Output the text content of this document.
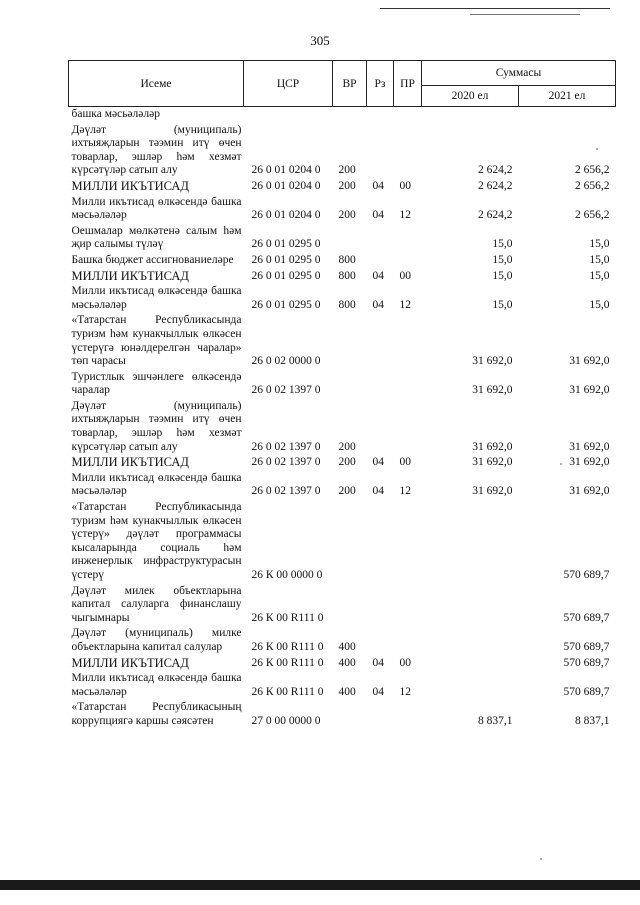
305
Исеме	ЦСР	ВР	Рз	ПР	Суммасы	
					2020 ел	2021 ел
башка мәсьәләләр						
Дәүләт (муниципаль) ихтыяҗларын тәэмин итү өчен товарлар, эшләр һәм хезмәт күрсәтүләр сатып алу	26 0 01 0204 0	200			2 624,2	2 656,2
МИЛЛИ ИКЪТИСАД	26 0 01 0204 0	200	04	00	2 624,2	2 656,2
Милли икътисад өлкәсендә башка мәсьәләләр	26 0 01 0204 0	200	04	12	2 624,2	2 656,2
Оешмалар мөлкәтенә салым һәм җир салымы түләү	26 0 01 0295 0				15,0	15,0
Башка бюджет ассигнованиеләре	26 0 01 0295 0	800			15,0	15,0
МИЛЛИ ИКЪТИСАД	26 0 01 0295 0	800	04	00	15,0	15,0
Милли икътисад өлкәсендә башка мәсьәләләр	26 0 01 0295 0	800	04	12	15,0	15,0
«Татарстан Республикасында туризм һәм кунакчыллык өлкәсен үстерүгә юнәлдерелгән чаралар» төп чарасы	26 0 02 0000 0				31 692,0	31 692,0
Туристлык эшчәнлеге өлкәсендә чаралар	26 0 02 1397 0				31 692,0	31 692,0
Дәүләт (муниципаль) ихтыяҗларын тәэмин итү өчен товарлар, эшләр һәм хезмәт күрсәтүләр сатып алу	26 0 02 1397 0	200			31 692,0	31 692,0
МИЛЛИ ИКЪТИСАД	26 0 02 1397 0	200	04	00	31 692,0	31 692,0
Милли икътисад өлкәсендә башка мәсьәләләр	26 0 02 1397 0	200	04	12	31 692,0	31 692,0
«Татарстан Республикасында туризм һәм кунакчыллык өлкәсен үстерү» дәүләт программасы кысаларында социаль һәм инженерлык инфраструктурасын үстерү	26 К 00 0000 0					570 689,7
Дәүләт милек объектларына капитал салуларга финанслашу чыгымнары	26 К 00 R111 0					570 689,7
Дәүләт (муниципаль) милке объектларына капитал салулар	26 К 00 R111 0	400				570 689,7
МИЛЛИ ИКЪТИСАД	26 К 00 R111 0	400	04	00		570 689,7
Милли икътисад өлкәсендә башка мәсьәләләр	26 К 00 R111 0	400	04	12		570 689,7
«Татарстан Республикасының коррупциягә каршы сәясәтен	27 0 00 0000 0				8 837,1	8 837,1
